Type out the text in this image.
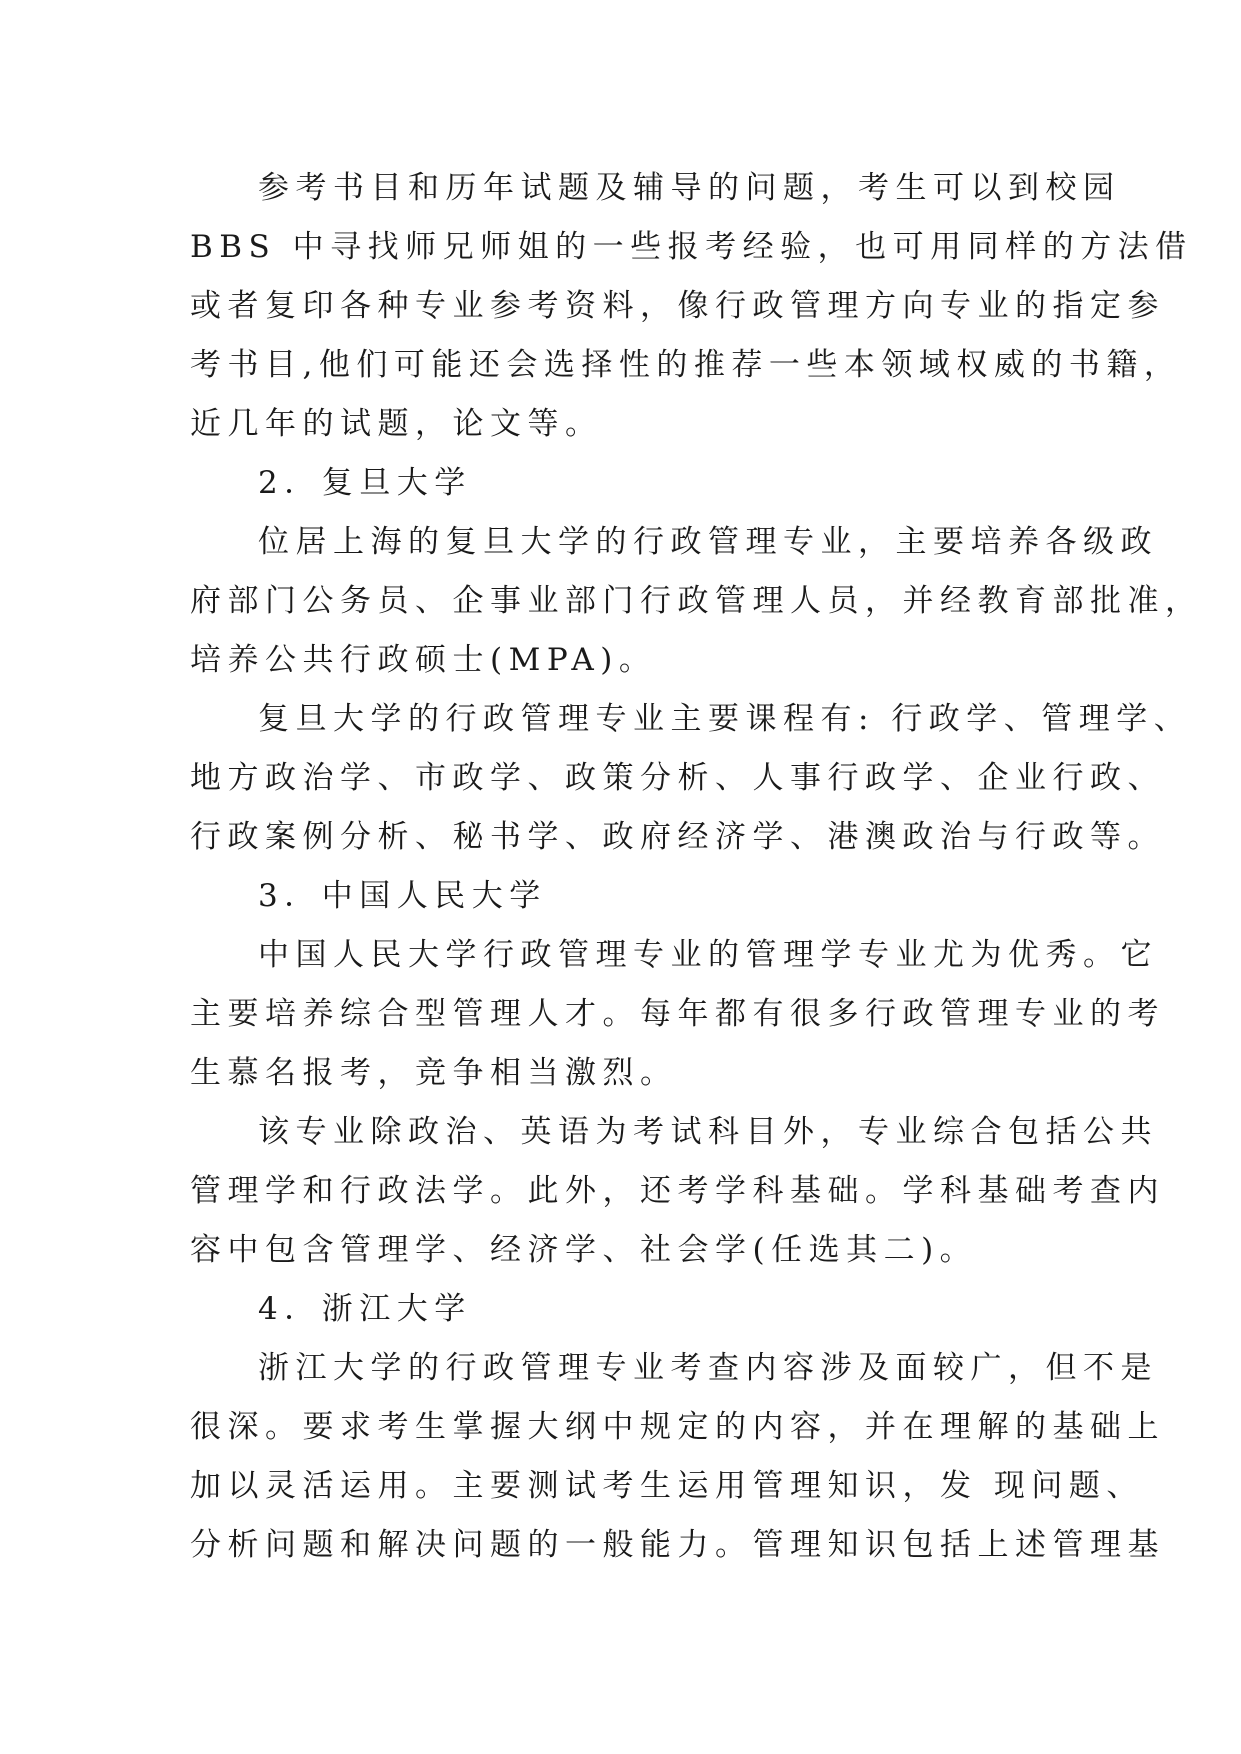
参考书目和历年试题及辅导的问题，考生可以到校园
BBS 中寻找师兄师姐的一些报考经验，也可用同样的方法借
或者复印各种专业参考资料，像行政管理方向专业的指定参
考书目,他们可能还会选择性的推荐一些本领域权威的书籍，
近几年的试题，论文等。
2．复旦大学
位居上海的复旦大学的行政管理专业，主要培养各级政
府部门公务员、企事业部门行政管理人员，并经教育部批准，
培养公共行政硕士(MPA)。
复旦大学的行政管理专业主要课程有: 行政学、管理学、
地方政治学、市政学、政策分析、人事行政学、企业行政、
行政案例分析、秘书学、政府经济学、港澳政治与行政等。
3．中国人民大学
中国人民大学行政管理专业的管理学专业尤为优秀。它
主要培养综合型管理人才。每年都有很多行政管理专业的考
生慕名报考，竞争相当激烈。
该专业除政治、英语为考试科目外，专业综合包括公共
管理学和行政法学。此外，还考学科基础。学科基础考查内
容中包含管理学、经济学、社会学(任选其二)。
4．浙江大学
浙江大学的行政管理专业考查内容涉及面较广，但不是
很深。要求考生掌握大纲中规定的内容，并在理解的基础上
加以灵活运用。主要测试考生运用管理知识，发 现问题、
分析问题和解决问题的一般能力。管理知识包括上述管理基
